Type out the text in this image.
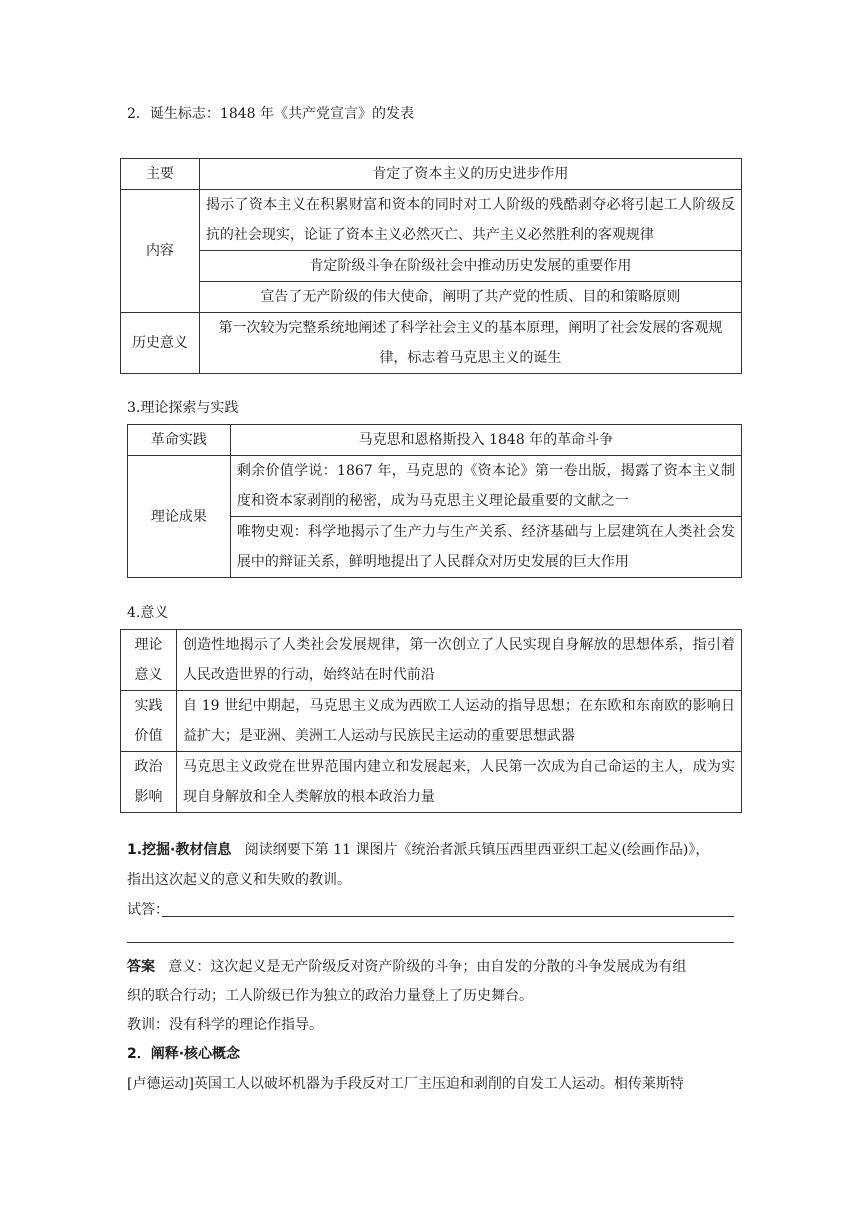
2．诞生标志：1848 年《共产党宣言》的发表
主要	肯定了资本主义的历史进步作用
内容	揭示了资本主义在积累财富和资本的同时对工人阶级的残酷剥夺必将引起工人阶级反抗的社会现实，论证了资本主义必然灭亡、共产主义必然胜利的客观规律
	肯定阶级斗争在阶级社会中推动历史发展的重要作用
	宣告了无产阶级的伟大使命，阐明了共产党的性质、目的和策略原则
历史意义	第一次较为完整系统地阐述了科学社会主义的基本原理，阐明了社会发展的客观规律，标志着马克思主义的诞生
3.理论探索与实践
革命实践	马克思和恩格斯投入 1848 年的革命斗争
理论成果	剩余价值学说：1867 年，马克思的《资本论》第一卷出版，揭露了资本主义制度和资本家剥削的秘密，成为马克思主义理论最重要的文献之一
	唯物史观：科学地揭示了生产力与生产关系、经济基础与上层建筑在人类社会发展中的辩证关系，鲜明地提出了人民群众对历史发展的巨大作用
4.意义
理论
意义	创造性地揭示了人类社会发展规律，第一次创立了人民实现自身解放的思想体系，指引着人民改造世界的行动，始终站在时代前沿
实践
价值	自 19 世纪中期起，马克思主义成为西欧工人运动的指导思想；在东欧和东南欧的影响日益扩大；是亚洲、美洲工人运动与民族民主运动的重要思想武器
政治
影响	马克思主义政党在世界范围内建立和发展起来，人民第一次成为自己命运的主人，成为实现自身解放和全人类解放的根本政治力量
1.挖掘·教材信息 阅读纲要下第 11 课图片《统治者派兵镇压西里西亚织工起义(绘画作品)》，
指出这次起义的意义和失败的教训。
试答：
答案 意义：这次起义是无产阶级反对资产阶级的斗争；由自发的分散的斗争发展成为有组
织的联合行动；工人阶级已作为独立的政治力量登上了历史舞台。
教训：没有科学的理论作指导。
2．阐释·核心概念
[卢德运动]英国工人以破坏机器为手段反对工厂主压迫和剥削的自发工人运动。相传莱斯特
